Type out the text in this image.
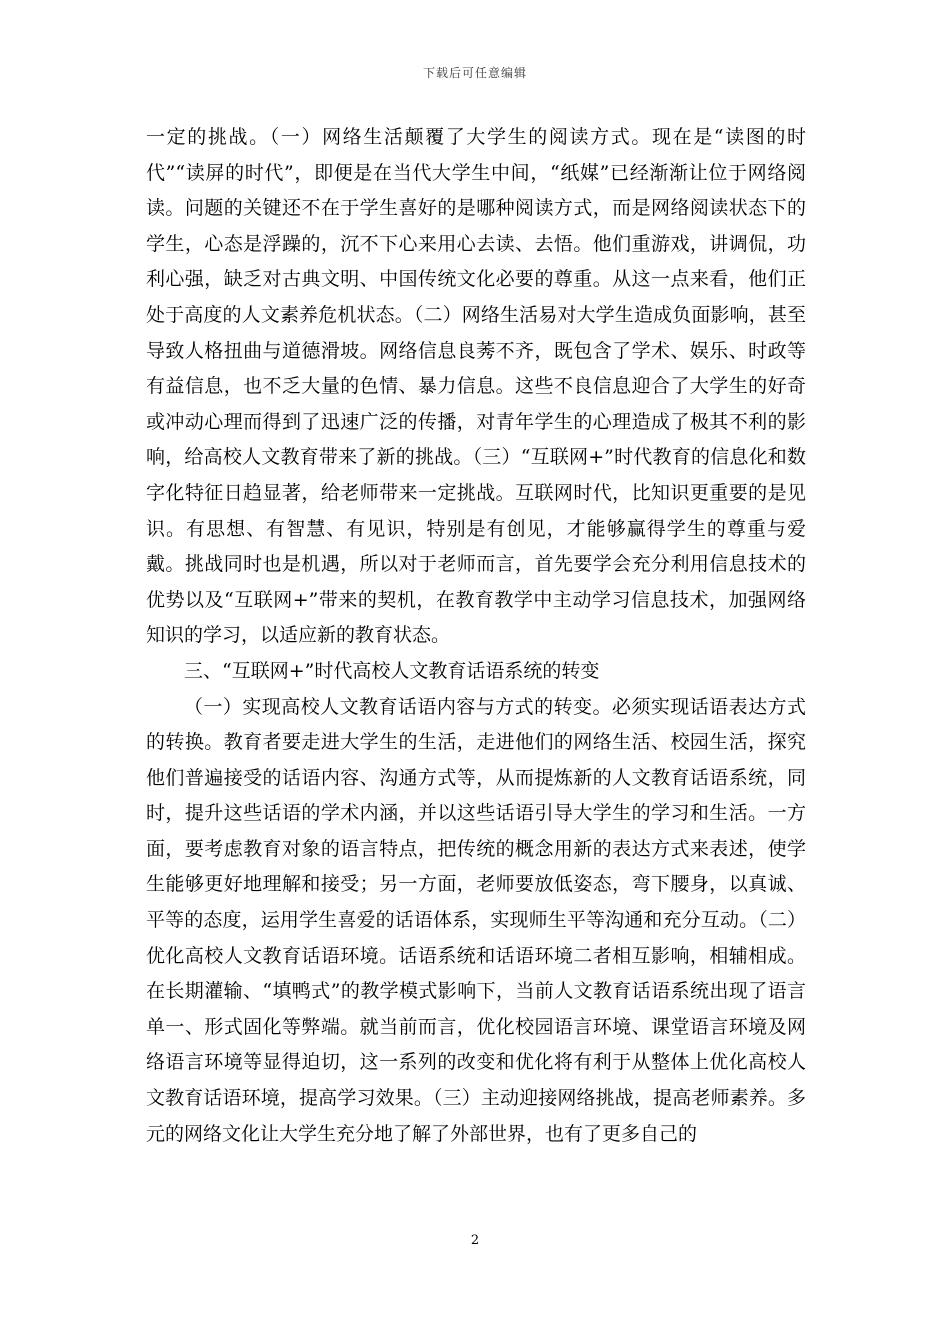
下载后可任意编辑

一定的挑战。（一）网络生活颠覆了大学生的阅读方式。现在是“读图的时代”“读屏的时代”，即便是在当代大学生中间，“纸媒”已经渐渐让位于网络阅读。问题的关键还不在于学生喜好的是哪种阅读方式，而是网络阅读状态下的学生，心态是浮躁的，沉不下心来用心去读、去悟。他们重游戏，讲调侃，功利心强，缺乏对古典文明、中国传统文化必要的尊重。从这一点来看，他们正处于高度的人文素养危机状态。（二）网络生活易对大学生造成负面影响，甚至导致人格扭曲与道德滑坡。网络信息良莠不齐，既包含了学术、娱乐、时政等有益信息，也不乏大量的色情、暴力信息。这些不良信息迎合了大学生的好奇或冲动心理而得到了迅速广泛的传播，对青年学生的心理造成了极其不利的影响，给高校人文教育带来了新的挑战。（三）“互联网+”时代教育的信息化和数字化特征日趋显著，给老师带来一定挑战。互联网时代，比知识更重要的是见识。有思想、有智慧、有见识，特别是有创见，才能够赢得学生的尊重与爱戴。挑战同时也是机遇，所以对于老师而言，首先要学会充分利用信息技术的优势以及“互联网+”带来的契机，在教育教学中主动学习信息技术，加强网络知识的学习，以适应新的教育状态。

三、“互联网+”时代高校人文教育话语系统的转变

（一）实现高校人文教育话语内容与方式的转变。必须实现话语表达方式的转换。教育者要走进大学生的生活，走进他们的网络生活、校园生活，探究他们普遍接受的话语内容、沟通方式等，从而提炼新的人文教育话语系统，同时，提升这些话语的学术内涵，并以这些话语引导大学生的学习和生活。一方面，要考虑教育对象的语言特点，把传统的概念用新的表达方式来表述，使学生能够更好地理解和接受；另一方面，老师要放低姿态，弯下腰身，以真诚、平等的态度，运用学生喜爱的话语体系，实现师生平等沟通和充分互动。（二）优化高校人文教育话语环境。话语系统和话语环境二者相互影响，相辅相成。在长期灌输、“填鸭式”的教学模式影响下，当前人文教育话语系统出现了语言单一、形式固化等弊端。就当前而言，优化校园语言环境、课堂语言环境及网络语言环境等显得迫切，这一系列的改变和优化将有利于从整体上优化高校人文教育话语环境，提高学习效果。（三）主动迎接网络挑战，提高老师素养。多元的网络文化让大学生充分地了解了外部世界，也有了更多自己的

2
